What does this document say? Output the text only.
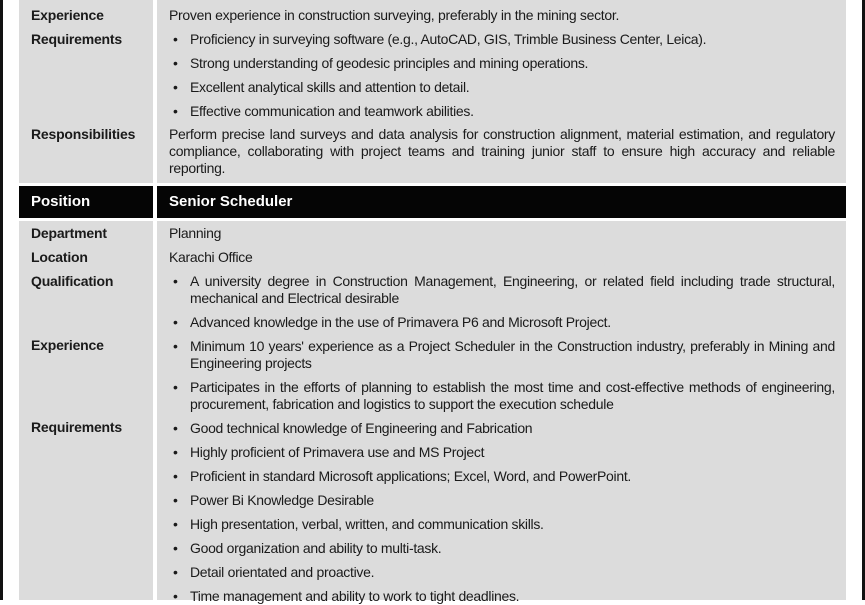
Experience
Requirements
Responsibilities
Proven experience in construction surveying, preferably in the mining sector.
• Proficiency in surveying software (e.g., AutoCAD, GIS, Trimble Business Center, Leica).
• Strong understanding of geodesic principles and mining operations.
• Excellent analytical skills and attention to detail.
• Effective communication and teamwork abilities.
Perform precise land surveys and data analysis for construction alignment, material estimation, and regulatory compliance, collaborating with project teams and training junior staff to ensure high accuracy and reliable reporting.
Position	Senior Scheduler
Department
Location
Qualification
Experience
Requirements
Planning
Karachi Office
• A university degree in Construction Management, Engineering, or related field including trade structural, mechanical and Electrical desirable
• Advanced knowledge in the use of Primavera P6 and Microsoft Project.
• Minimum 10 years' experience as a Project Scheduler in the Construction industry, preferably in Mining and Engineering projects
• Participates in the efforts of planning to establish the most time and cost-effective methods of engineering, procurement, fabrication and logistics to support the execution schedule
• Good technical knowledge of Engineering and Fabrication
• Highly proficient of Primavera use and MS Project
• Proficient in standard Microsoft applications; Excel, Word, and PowerPoint.
• Power Bi Knowledge Desirable
• High presentation, verbal, written, and communication skills.
• Good organization and ability to multi-task.
• Detail orientated and proactive.
• Time management and ability to work to tight deadlines.
